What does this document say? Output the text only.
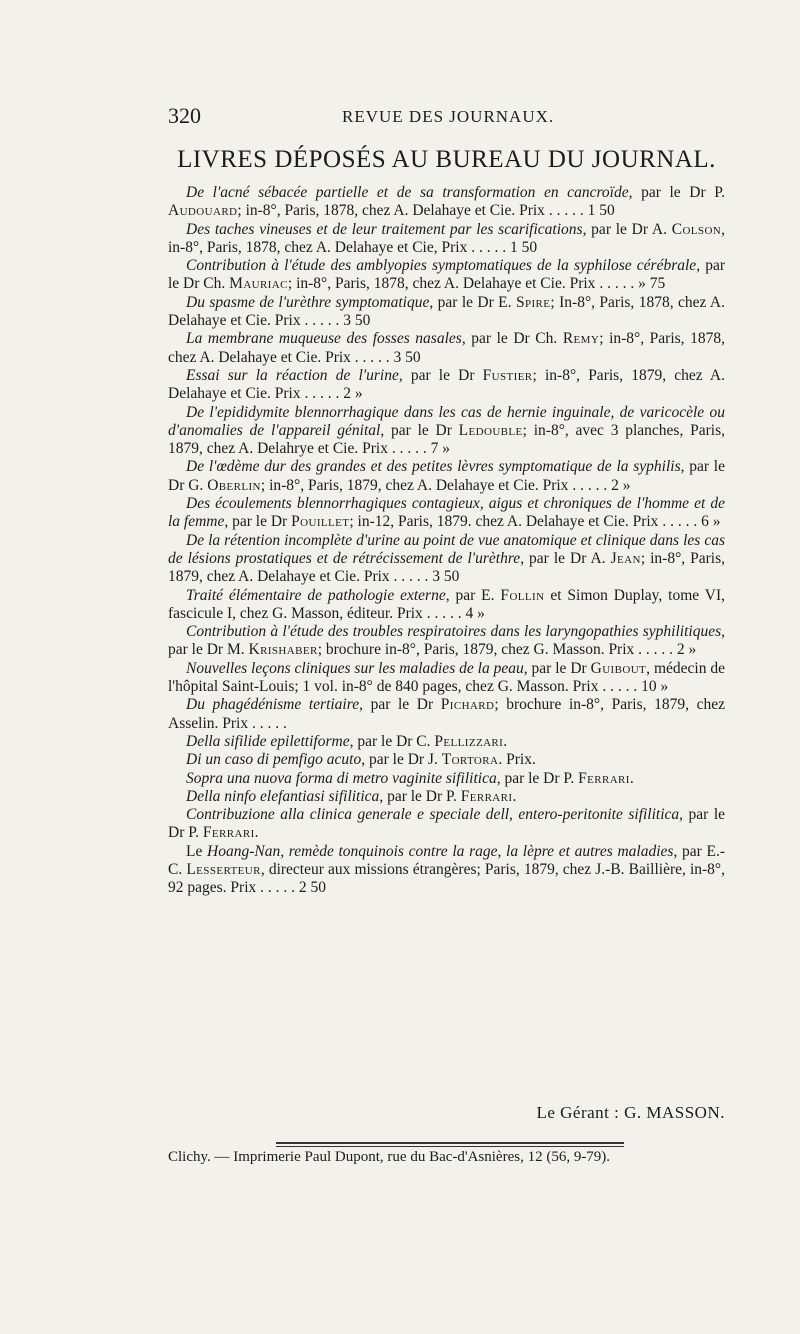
320	REVUE DES JOURNAUX.
LIVRES DÉPOSÉS AU BUREAU DU JOURNAL.
De l'acné sébacée partielle et de sa transformation en cancroïde, par le Dr P. Audouard; in-8°, Paris, 1878, chez A. Delahaye et Cie. Prix . . . . . 1 50
Des taches vineuses et de leur traitement par les scarifications, par le Dr A. Colson, in-8°, Paris, 1878, chez A. Delahaye et Cie, Prix . . . . . 1 50
Contribution à l'étude des amblyopies symptomatiques de la syphilose cérébrale, par le Dr Ch. Mauriac; in-8°, Paris, 1878, chez A. Delahaye et Cie. Prix . . . . . » 75
Du spasme de l'urèthre symptomatique, par le Dr E. Spire; In-8°, Paris, 1878, chez A. Delahaye et Cie. Prix . . . . . 3 50
La membrane muqueuse des fosses nasales, par le Dr Ch. Remy; in-8°, Paris, 1878, chez A. Delahaye et Cie. Prix . . . . . 3 50
Essai sur la réaction de l'urine, par le Dr Fustier; in-8°, Paris, 1879, chez A. Delahaye et Cie. Prix . . . . . 2 »
De l'epididymite blennorrhagique dans les cas de hernie inguinale, de varicocèle ou d'anomalies de l'appareil génital, par le Dr Ledouble; in-8°, avec 3 planches, Paris, 1879, chez A. Delahrye et Cie. Prix . . . . . 7 »
De l'œdème dur des grandes et des petites lèvres symptomatique de la syphilis, par le Dr G. Oberlin; in-8°, Paris, 1879, chez A. Delahaye et Cie. Prix . . . . . 2 »
Des écoulements blennorrhagiques contagieux, aigus et chroniques de l'homme et de la femme, par le Dr Pouillet; in-12, Paris, 1879. chez A. Delahaye et Cie. Prix . . . . . 6 »
De la rétention incomplète d'urine au point de vue anatomique et clinique dans les cas de lésions prostatiques et de rétrécissement de l'urèthre, par le Dr A. Jean; in-8°, Paris, 1879, chez A. Delahaye et Cie. Prix . . . . . 3 50
Traité élémentaire de pathologie externe, par E. Follin et Simon Duplay, tome VI, fascicule I, chez G. Masson, éditeur. Prix . . . . . 4 »
Contribution à l'étude des troubles respiratoires dans les laryngopathies syphilitiques, par le Dr M. Krishaber; brochure in-8°, Paris, 1879, chez G. Masson. Prix . . . . . 2 »
Nouvelles leçons cliniques sur les maladies de la peau, par le Dr Guibout, médecin de l'hôpital Saint-Louis; 1 vol. in-8° de 840 pages, chez G. Masson. Prix . . . . . 10 »
Du phagédénisme tertiaire, par le Dr Pichard; brochure in-8°, Paris, 1879, chez Asselin. Prix . . . . .
Della sifilide epilettiforme, par le Dr C. Pellizzari.
Di un caso di pemfigo acuto, par le Dr J. Tortora. Prix.
Sopra una nuova forma di metro vaginite sifilitica, par le Dr P. Ferrari.
Della ninfo elefantiasi sifilitica, par le Dr P. Ferrari.
Contribuzione alla clinica generale e speciale dell, entero-peritonite sifilitica, par le Dr P. Ferrari.
Le Hoang-Nan, remède tonquinois contre la rage, la lèpre et autres maladies, par E.-C. Lesserteur, directeur aux missions étrangères; Paris, 1879, chez J.-B. Baillière, in-8°, 92 pages. Prix . . . . . 2 50
Le Gérant : G. MASSON.
Clichy. — Imprimerie Paul Dupont, rue du Bac-d'Asnières, 12 (56, 9-79).
